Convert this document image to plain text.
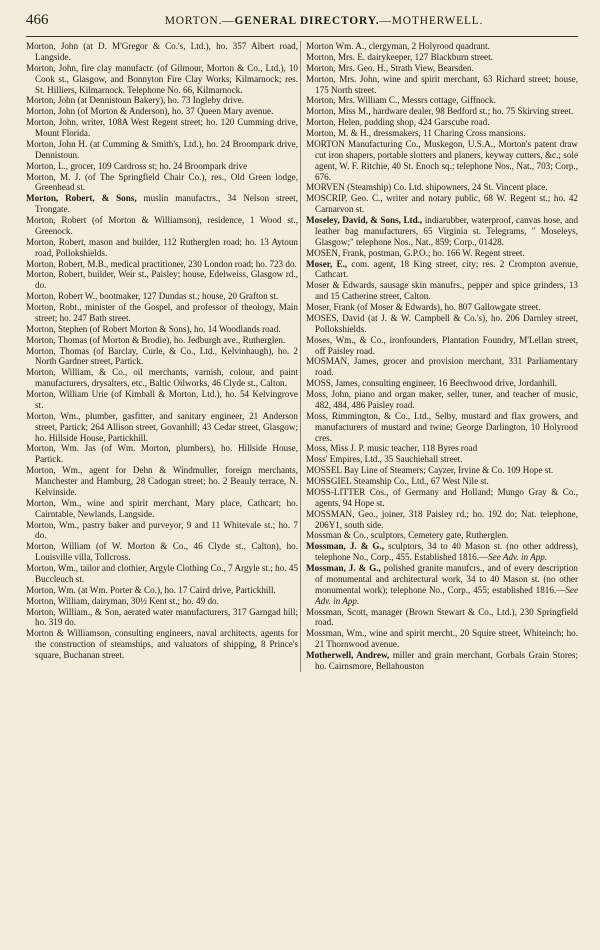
466	MORTON.—GENERAL DIRECTORY.—MOTHERWELL.

Morton, John (at D. M'Gregor & Co.'s, Ltd.), ho. 357 Albert road, Langside.

Morton, John, fire clay manufactr. (of Gilmour, Morton & Co., Ltd.), 10 Cook st., Glasgow, and Bonnyton Fire Clay Works, Kilmarnock; res. St. Hilliers, Kilmarnock. Telephone No. 66, Kilmarnock.

Morton, John (at Dennistoun Bakery), ho. 73 Ingleby drive.

Morton, John (of Morton & Anderson), ho. 37 Queen Mary avenue.

Morton, John, writer, 108A West Regent street; ho. 120 Cumming drive, Mount Florida.

Morton, John H. (at Cumming & Smith's, Ltd.), ho. 24 Broompark drive, Dennistoun.

Morton, L., grocer, 109 Cardross st; ho. 24 Broompark drive

Morton, M. J. (of The Springfield Chair Co.), res., Old Green lodge, Greenhead st.

Morton, Robert, & Sons, muslin manufactrs., 34 Nelson street, Trongate.

Morton, Robert (of Morton & Williamson), residence, 1 Wood st., Greenock.

Morton, Robert, mason and builder, 112 Rutherglen road; ho. 13 Aytoun road, Pollokshields.

Morton, Robert, M.B., medical practitioner, 230 London road; ho. 723 do.

Morton, Robert, builder, Weir st., Paisley; house, Edelweiss, Glasgow rd., do.

Morton, Robert W., bootmaker, 127 Dundas st.; house, 20 Grafton st.

Morton, Robt., minister of the Gospel, and professor of theology, Main street; ho. 247 Bath street.

Morton, Stephen (of Robert Morton & Sons), ho. 14 Woodlands road.

Morton, Thomas (of Morton & Brodie), ho. Jedburgh ave., Rutherglen.

Morton, Thomas (of Barclay, Curle, & Co., Ltd., Kelvinhaugh), ho. 2 North Gardner street, Partick.

Morton, William, & Co., oil merchants, varnish, colour, and paint manufacturers, drysalters, etc., Baltic Oilworks, 46 Clyde st., Calton.

Morton, William Urie (of Kimball & Morton, Ltd.), ho. 54 Kelvingrove st.

Morton, Wm., plumber, gasfitter, and sanitary engineer, 21 Anderson street, Partick; 264 Allison street, Govanhill; 43 Cedar street, Glasgow; ho. Hillside House, Partickhill.

Morton, Wm. Jas (of Wm. Morton, plumbers), ho. Hillside House, Partick.

Morton, Wm., agent for Dehn & Windmuller, foreign merchants, Manchester and Hamburg, 28 Cadogan street; ho. 2 Beauly terrace, N. Kelvinside.

Morton, Wm., wine and spirit merchant, Mary place, Cathcart; ho. Cairntable, Newlands, Langside.

Morton, Wm., pastry baker and purveyor, 9 and 11 Whitevale st.; ho. 7 do.

Morton, William (of W. Morton & Co., 46 Clyde st., Calton), ho. Louisville villa, Tollcross.

Morton, Wm., tailor and clothier, Argyle Clothing Co., 7 Argyle st.; ho. 45 Buccleuch st.

Morton, Wm. (at Wm. Porter & Co.), ho. 17 Caird drive, Partickhill.

Morton, William, dairyman, 30½ Kent st.; ho. 49 do.

Morton, William., & Son, aerated water manufacturers, 317 Garngad hill; ho. 319 do.

Morton & Williamson, consulting engineers, naval architects, agents for the construction of steamships, and valuators of shipping, 8 Prince's square, Buchanan street.

Morton Wm. A., clergyman, 2 Holyrood quadrant.

Morton, Mrs. E. dairykeeper, 127 Blackburn street.

Morton, Mrs. Geo. H., Strath View, Bearsden.

Morton, Mrs. John, wine and spirit merchant, 63 Richard street; house, 175 North street.

Morton, Mrs. William C., Messrs cottage, Giffnock.

Morton, Miss M., hardware dealer, 98 Bedford st.; ho. 75 Skirving street.

Morton, Helen, pudding shop, 424 Garscube road.

Morton, M. & H., dressmakers, 11 Charing Cross mansions.

MORTON Manufacturing Co., Muskegon, U.S.A., Morton's patent draw cut iron shapers, portable slotters and planers, keyway cutters, &c.; sole agent, W. F. Ritchie, 40 St. Enoch sq.; telephone Nos., Nat., 703; Corp., 676.

MORVEN (Steamship) Co. Ltd. shipowners, 24 St. Vincent place.

MOSCRIP, Geo. C., writer and notary public, 68 W. Regent st.; ho. 42 Carnarvon st.

Moseley, David, & Sons, Ltd., indiarubber, waterproof, canvas hose, and leather bag manufacturers, 65 Virginia st. Telegrams, " Moseleys, Glasgow;" telephone Nos., Nat., 859; Corp., 01428.

MOSEN, Frank, postman, G.P.O.; ho. 166 W. Regent street.

Moser, E., com. agent, 18 King street, city; res. 2 Crompton avenue, Cathcart.

Moser & Edwards, sausage skin manufrs., pepper and spice grinders, 13 and 15 Catherine street, Calton.

Moser, Frank (of Moser & Edwards), ho. 807 Gallowgate street.

MOSES, David (at J. & W. Campbell & Co.'s), ho. 206 Darnley street, Pollokshields.

Moses, Wm., & Co., ironfounders, Plantation Foundry, M'Lellan street, off Paisley road.

MOSMAN, James, grocer and provision merchant, 331 Parliamentary road.

MOSS, James, consulting engineer, 16 Beechwood drive, Jordanhill.

Moss, John, piano and organ maker, seller, tuner, and teacher of music, 482, 484, 486 Paisley road.

Moss, Rimmington, & Co., Ltd., Selby, mustard and flax growers, and manufacturers of mustard and twine; George Darlington, 10 Holyrood cres.

Moss, Miss J. P. music teacher, 118 Byres road

Moss' Empires, Ltd., 35 Sauchiehall street.

MOSSEL Bay Line of Steamers; Cayzer, Irvine & Co. 109 Hope st.

MOSSGIEL Steamship Co., Ltd., 67 West Nile st.

MOSS-LITTER Cos., of Germany and Holland; Mungo Gray & Co., agents, 94 Hope st.

MOSSMAN, Geo., joiner, 318 Paisley rd.; ho. 192 do; Nat. telephone, 206Y1, south side.

Mossman & Co., sculptors, Cemetery gate, Rutherglen.

Mossman, J. & G., sculptors, 34 to 40 Mason st. (no other address), telephone No., Corp., 455. Established 1816.—See Adv. in App.

Mossman, J. & G., polished granite manufcrs., and of every description of monumental and architectural work, 34 to 40 Mason st. (no other monumental work); telephone No., Corp., 455; established 1816.—See Adv. in App.

Mossman, Scott, manager (Brown Stewart & Co., Ltd.), 230 Springfield road.

Mossman, Wm., wine and spirit mercht., 20 Squire street, Whiteinch; ho. 21 Thornwood avenue.

Motherwell, Andrew, miller and grain merchant, Gorbals Grain Stores; ho. Cairnsmore, Bellahouston
